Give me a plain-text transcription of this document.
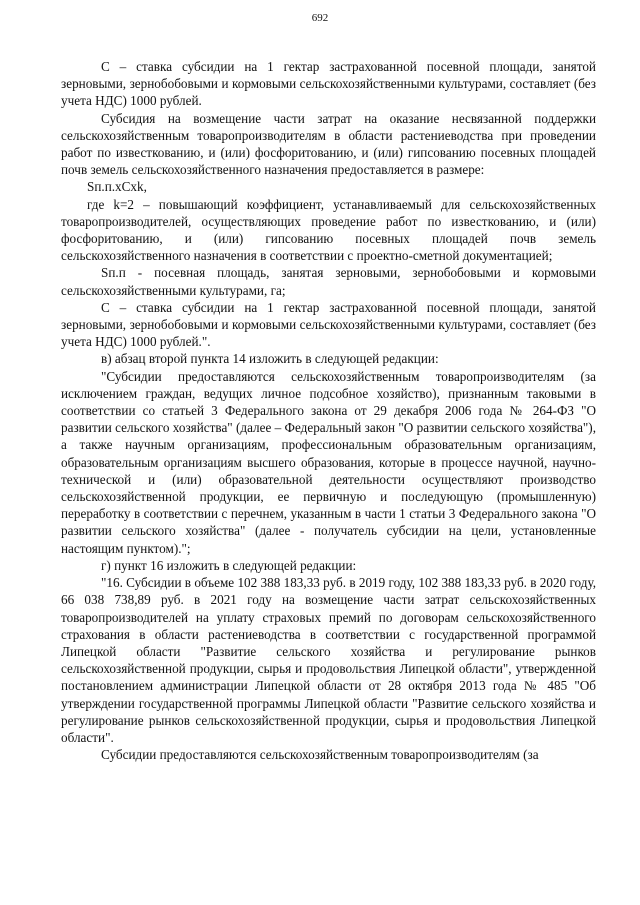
692

С – ставка субсидии на 1 гектар застрахованной посевной площади, занятой зерновыми, зернобобовыми и кормовыми сельскохозяйственными культурами, составляет (без учета НДС) 1000 рублей.

Субсидия на возмещение части затрат на оказание несвязанной поддержки сельскохозяйственным товаропроизводителям в области растениеводства при проведении работ по известкованию, и (или) фосфоритованию, и (или) гипсованию посевных площадей почв земель сельскохозяйственного назначения предоставляется в размере:

Sп.п.хСхk,

где k=2 – повышающий коэффициент, устанавливаемый для сельскохозяйственных товаропроизводителей, осуществляющих проведение работ по известкованию, и (или) фосфоритованию, и (или) гипсованию посевных площадей почв земель сельскохозяйственного назначения в соответствии с проектно-сметной документацией;

Sп.п - посевная площадь, занятая зерновыми, зернобобовыми и кормовыми сельскохозяйственными культурами, га;

С – ставка субсидии на 1 гектар застрахованной посевной площади, занятой зерновыми, зернобобовыми и кормовыми сельскохозяйственными культурами, составляет (без учета НДС) 1000 рублей.".

в) абзац второй пункта 14 изложить в следующей редакции:

"Субсидии предоставляются сельскохозяйственным товаропроизводителям (за исключением граждан, ведущих личное подсобное хозяйство), признанным таковыми в соответствии со статьей 3 Федерального закона от 29 декабря 2006 года № 264-ФЗ "О развитии сельского хозяйства" (далее – Федеральный закон "О развитии сельского хозяйства"), а также научным организациям, профессиональным образовательным организациям, образовательным организациям высшего образования, которые в процессе научной, научно-технической и (или) образовательной деятельности осуществляют производство сельскохозяйственной продукции, ее первичную и последующую (промышленную) переработку в соответствии с перечнем, указанным в части 1 статьи 3 Федерального закона "О развитии сельского хозяйства" (далее - получатель субсидии на цели, установленные настоящим пунктом).";

г) пункт 16 изложить в следующей редакции:

"16. Субсидии в объеме 102 388 183,33 руб. в 2019 году, 102 388 183,33 руб. в 2020 году, 66 038 738,89 руб. в 2021 году на возмещение части затрат сельскохозяйственных товаропроизводителей на уплату страховых премий по договорам сельскохозяйственного страхования в области растениеводства в соответствии с государственной программой Липецкой области "Развитие сельского хозяйства и регулирование рынков сельскохозяйственной продукции, сырья и продовольствия Липецкой области", утвержденной постановлением администрации Липецкой области от 28 октября 2013 года № 485 "Об утверждении государственной программы Липецкой области "Развитие сельского хозяйства и регулирование рынков сельскохозяйственной продукции, сырья и продовольствия Липецкой области".

Субсидии предоставляются сельскохозяйственным товаропроизводителям (за
